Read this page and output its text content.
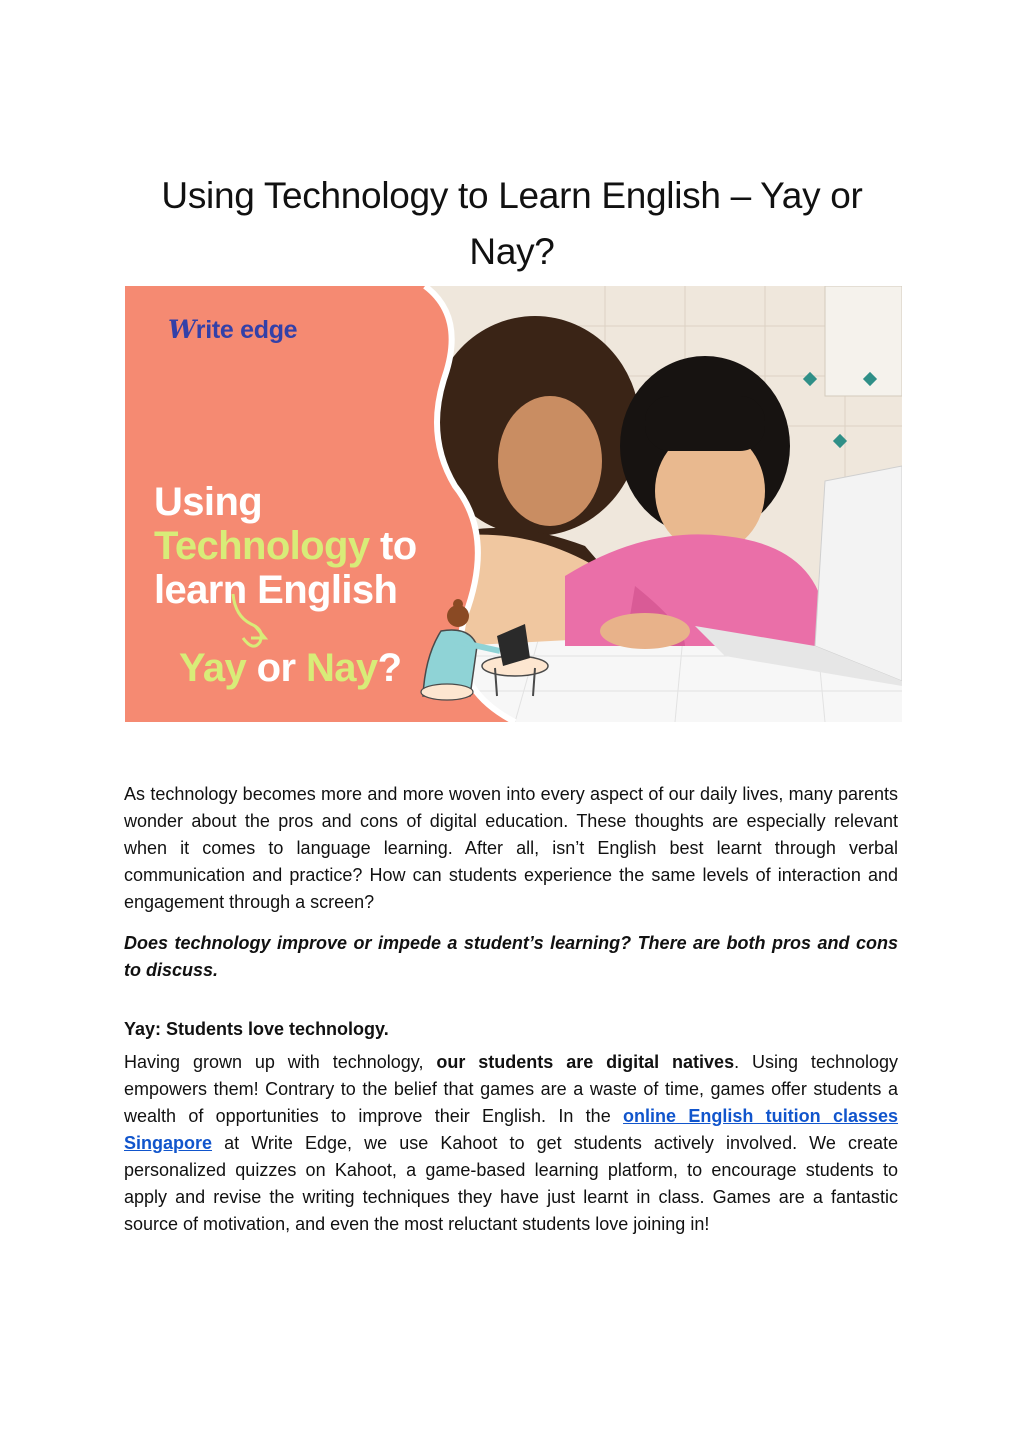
Using Technology to Learn English – Yay or Nay?
Write edge
Using
Technology to
learn English
Yay or Nay?

As technology becomes more and more woven into every aspect of our daily lives, many parents wonder about the pros and cons of digital education. These thoughts are especially relevant when it comes to language learning. After all, isn’t English best learnt through verbal communication and practice? How can students experience the same levels of interaction and engagement through a screen?

Does technology improve or impede a student’s learning? There are both pros and cons to discuss.

Yay: Students love technology.

Having grown up with technology, our students are digital natives. Using technology empowers them! Contrary to the belief that games are a waste of time, games offer students a wealth of opportunities to improve their English. In the online English tuition classes Singapore at Write Edge, we use Kahoot to get students actively involved. We create personalized quizzes on Kahoot, a game-based learning platform, to encourage students to apply and revise the writing techniques they have just learnt in class. Games are a fantastic source of motivation, and even the most reluctant students love joining in!
